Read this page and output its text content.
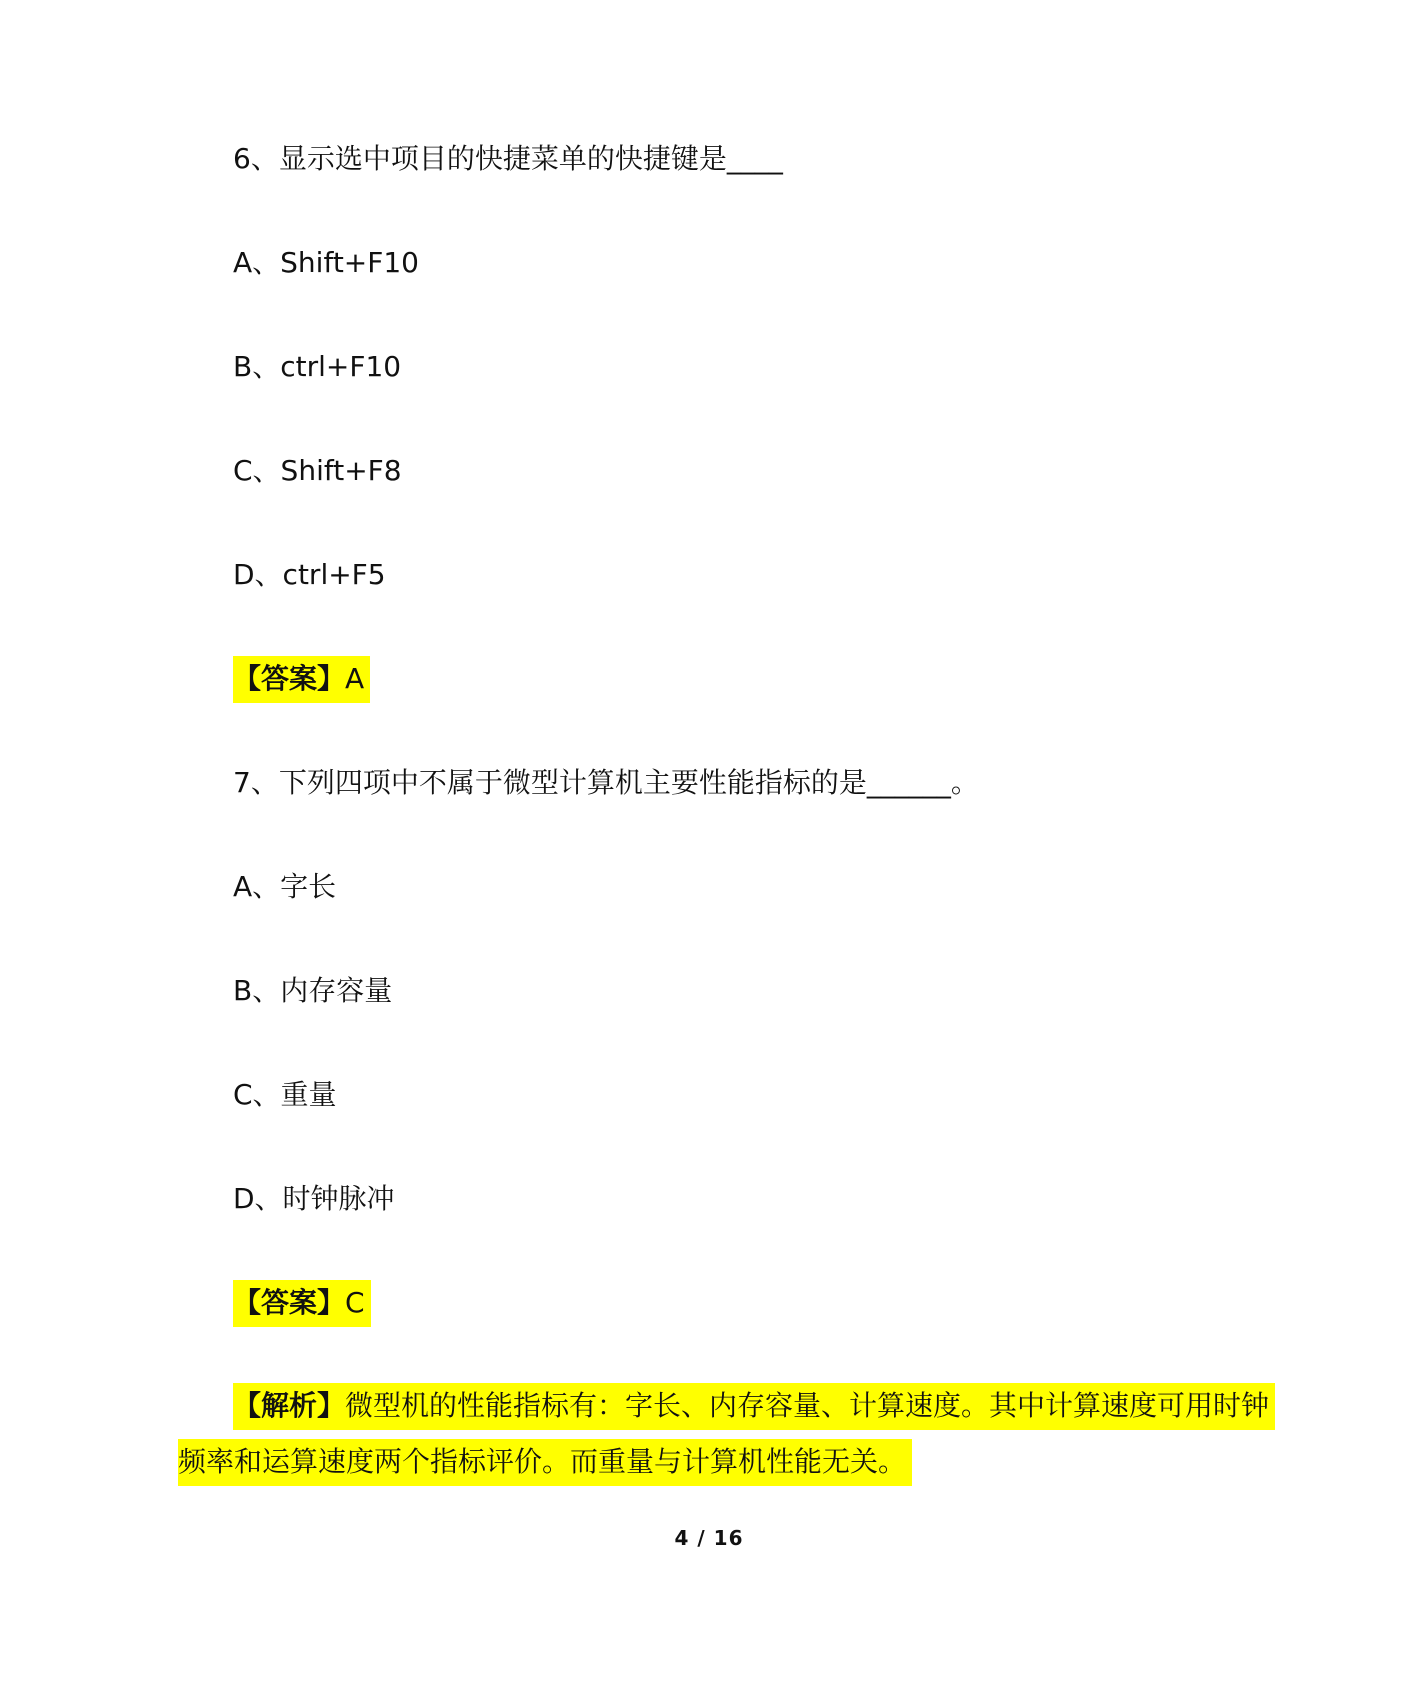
6、显示选中项目的快捷菜单的快捷键是____
A、Shift+F10
B、ctrl+F10
C、Shift+F8
D、ctrl+F5
【答案】A
7、下列四项中不属于微型计算机主要性能指标的是______。
A、字长
B、内存容量
C、重量
D、时钟脉冲
【答案】C
【解析】微型机的性能指标有：字长、内存容量、计算速度。其中计算速度可用时钟
频率和运算速度两个指标评价。而重量与计算机性能无关。
4 / 16
